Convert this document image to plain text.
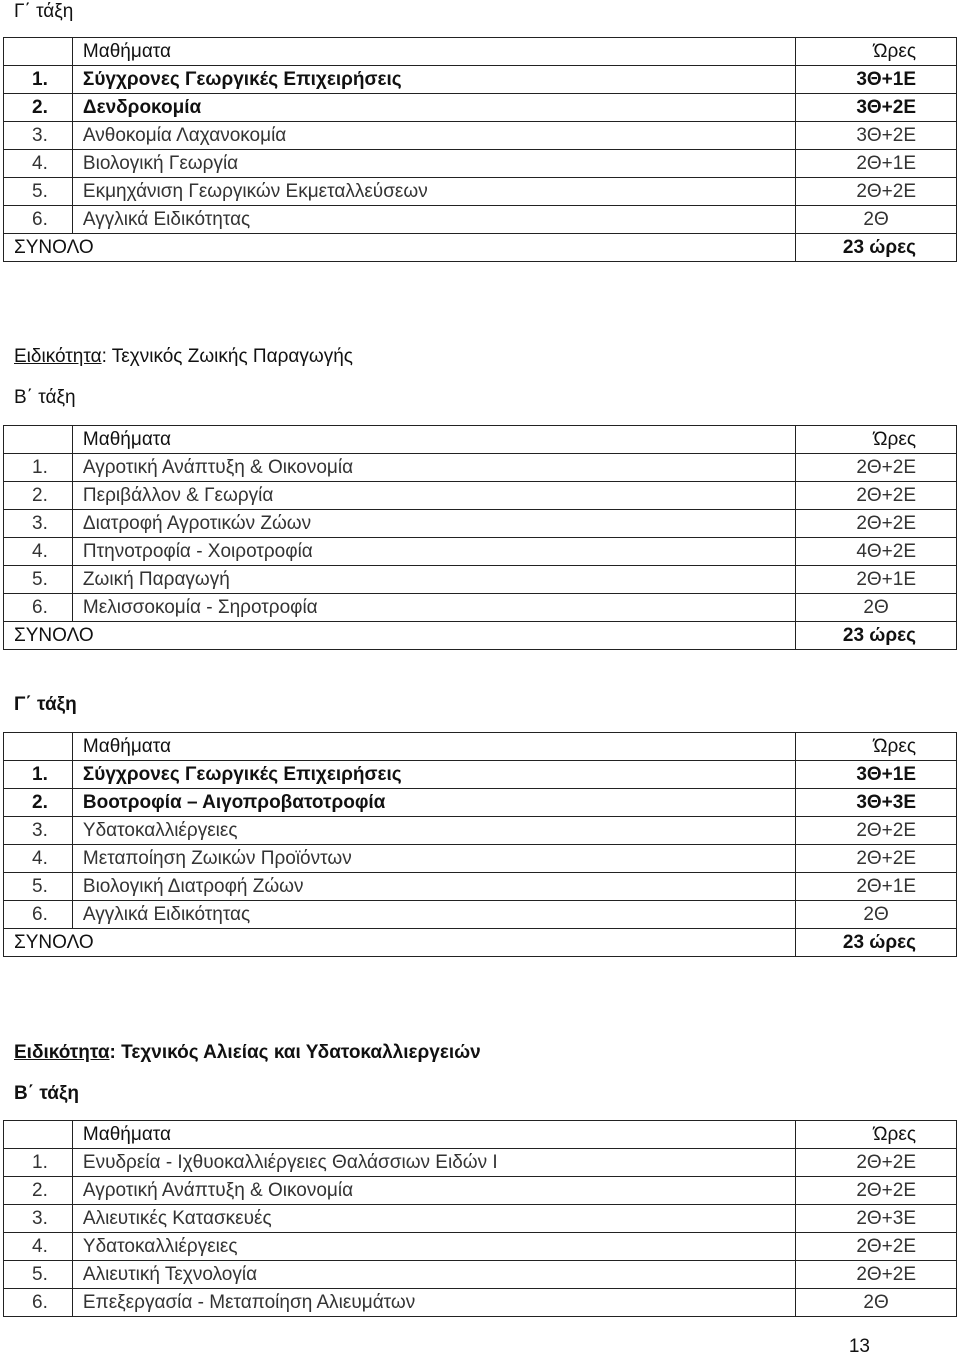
Γ΄ τάξη
	Μαθήματα	Ώρες
1.	Σύγχρονες Γεωργικές Επιχειρήσεις	3Θ+1Ε
2.	Δενδροκομία	3Θ+2Ε
3.	Ανθοκομία Λαχανοκομία	3Θ+2Ε
4.	Βιολογική Γεωργία	2Θ+1Ε
5.	Εκμηχάνιση Γεωργικών Εκμεταλλεύσεων	2Θ+2Ε
6.	Αγγλικά Ειδικότητας	2Θ
ΣΥΝΟΛΟ		23 ώρες

Ειδικότητα: Τεχνικός Ζωικής Παραγωγής

Β΄ τάξη
	Μαθήματα	Ώρες
1.	Αγροτική Ανάπτυξη & Οικονομία	2Θ+2Ε
2.	Περιβάλλον & Γεωργία	2Θ+2Ε
3.	Διατροφή Αγροτικών Ζώων	2Θ+2Ε
4.	Πτηνοτροφία - Χοιροτροφία	4Θ+2Ε
5.	Ζωική Παραγωγή	2Θ+1Ε
6.	Μελισσοκομία - Σηροτροφία	2Θ
ΣΥΝΟΛΟ		23 ώρες
Γ΄ τάξη
	Μαθήματα	Ώρες
1.	Σύγχρονες Γεωργικές Επιχειρήσεις	3Θ+1Ε
2.	Βοοτροφία – Αιγοπροβατοτροφία	3Θ+3Ε
3.	Υδατοκαλλιέργειες	2Θ+2Ε
4.	Μεταποίηση Ζωικών Προϊόντων	2Θ+2Ε
5.	Βιολογική Διατροφή Ζώων	2Θ+1Ε
6.	Αγγλικά Ειδικότητας	2Θ
ΣΥΝΟΛΟ		23 ώρες

Ειδικότητα: Τεχνικός Αλιείας και Υδατοκαλλιεργειών

Β΄ τάξη
	Μαθήματα	Ώρες
1.	Ενυδρεία - Ιχθυοκαλλιέργειες Θαλάσσιων Ειδών Ι	2Θ+2Ε
2.	Αγροτική Ανάπτυξη & Οικονομία	2Θ+2Ε
3.	Αλιευτικές Κατασκευές	2Θ+3Ε
4.	Υδατοκαλλιέργειες	2Θ+2Ε
5.	Αλιευτική Τεχνολογία	2Θ+2Ε
6.	Επεξεργασία - Μεταποίηση Αλιευμάτων	2Θ
13
